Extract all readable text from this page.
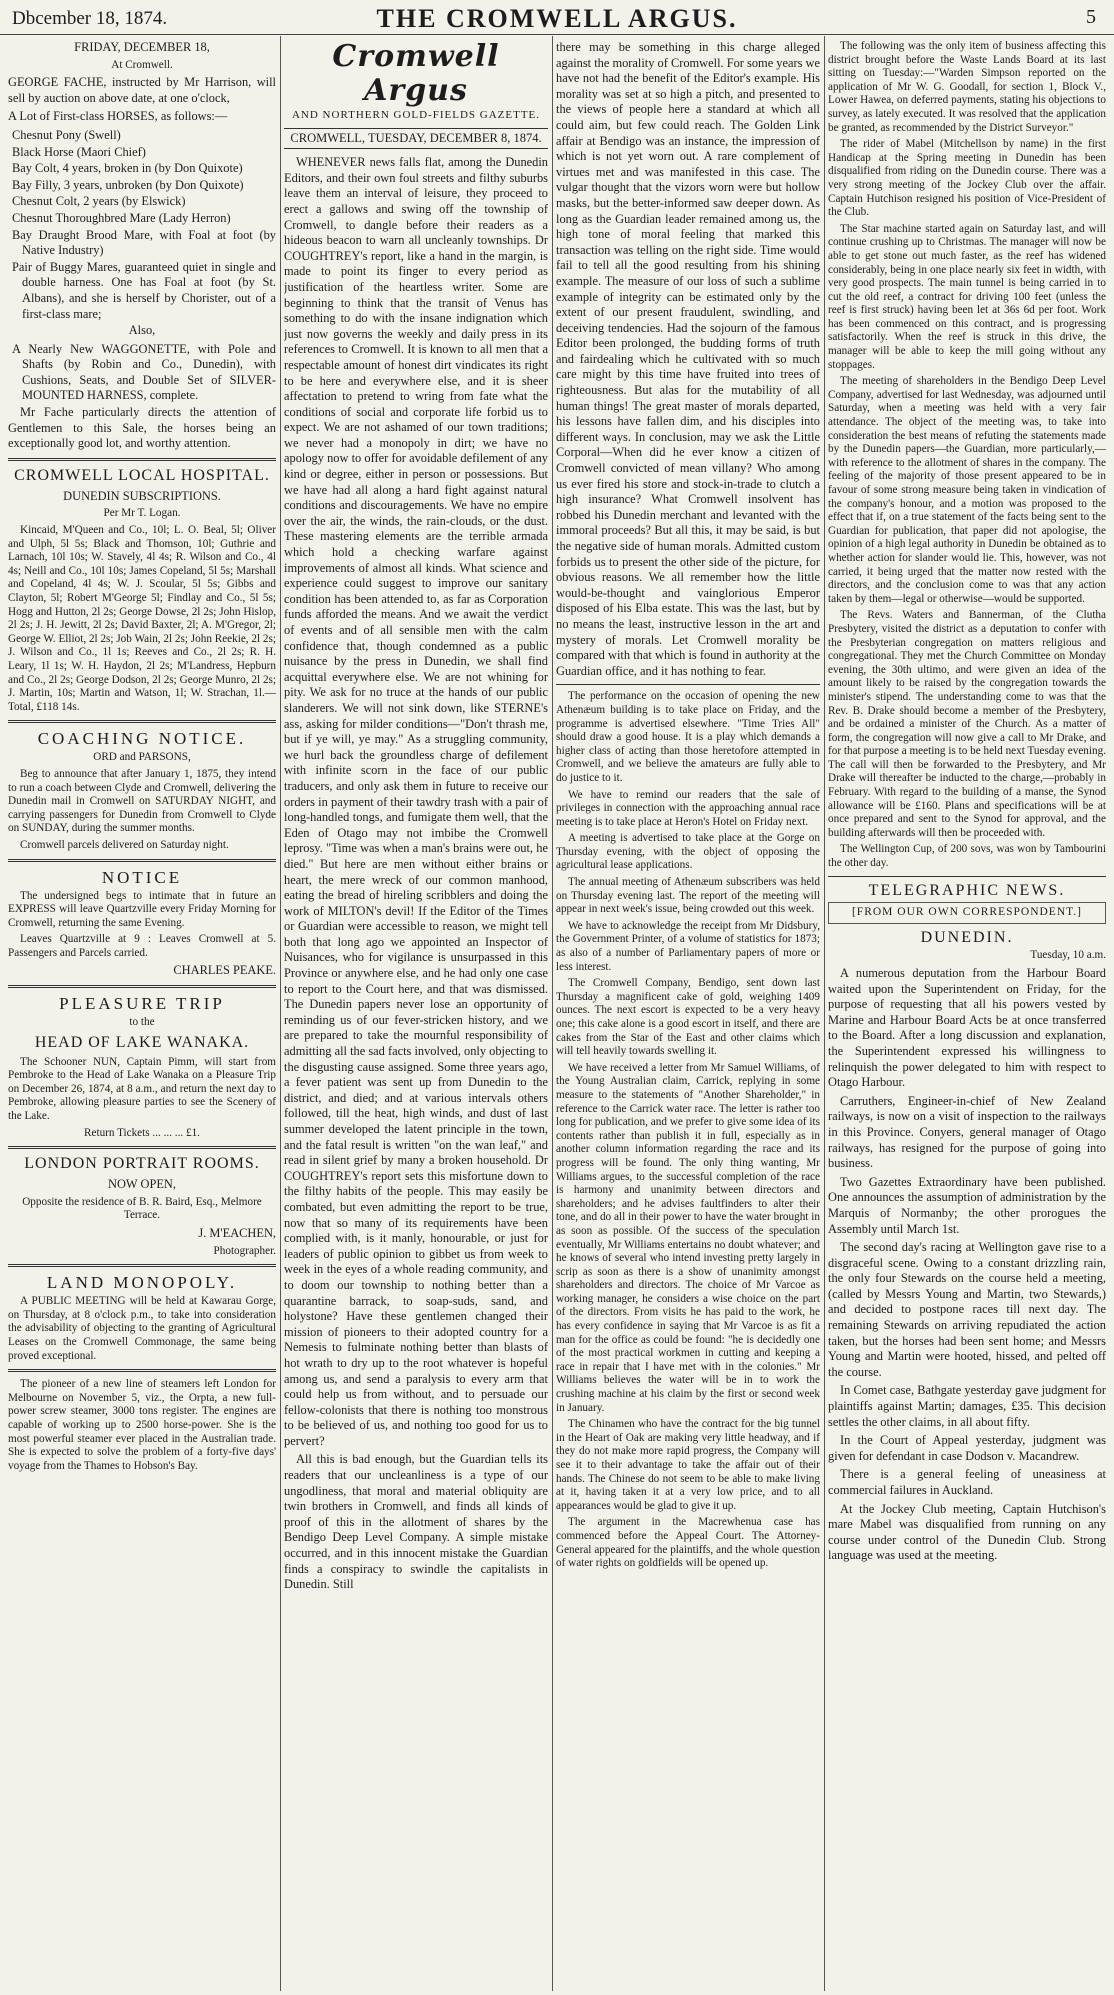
Dbcember 18, 1874.	THE CROMWELL ARGUS.	5

FRIDAY, DECEMBER 18,

At Cromwell.

GEORGE FACHE, instructed by Mr Harrison, will sell by auction on above date, at one o'clock,

A Lot of First-class HORSES, as follows:—

Chesnut Pony (Swell)

Black Horse (Maori Chief)

Bay Colt, 4 years, broken in (by Don Quixote)

Bay Filly, 3 years, unbroken (by Don Quixote)

Chesnut Colt, 2 years (by Elswick)

Chesnut Thoroughbred Mare (Lady Herron)

Bay Draught Brood Mare, with Foal at foot (by Native Industry)

Pair of Buggy Mares, guaranteed quiet in single and double harness. One has Foal at foot (by St. Albans), and she is herself by Chorister, out of a first-class mare;

Also,

A Nearly New WAGGONETTE, with Pole and Shafts (by Robin and Co., Dunedin), with Cushions, Seats, and Double Set of SILVER-MOUNTED HARNESS, complete.

Mr Fache particularly directs the attention of Gentlemen to this Sale, the horses being an exceptionally good lot, and worthy attention.

CROMWELL LOCAL HOSPITAL.

DUNEDIN SUBSCRIPTIONS.

Per Mr T. Logan.

Kincaid, M'Queen and Co., 10l; L. O. Beal, 5l; Oliver and Ulph, 5l 5s; Black and Thomson, 10l; Guthrie and Larnach, 10l 10s; W. Stavely, 4l 4s; R. Wilson and Co., 4l 4s; Neill and Co., 10l 10s; James Copeland, 5l 5s; Marshall and Copeland, 4l 4s; W. J. Scoular, 5l 5s; Gibbs and Clayton, 5l; Robert M'George 5l; Findlay and Co., 5l 5s; Hogg and Hutton, 2l 2s; George Dowse, 2l 2s; John Hislop, 2l 2s; J. H. Jewitt, 2l 2s; David Baxter, 2l; A. M'Gregor, 2l; George W. Elliot, 2l 2s; Job Wain, 2l 2s; John Reekie, 2l 2s; J. Wilson and Co., 1l 1s; Reeves and Co., 2l 2s; R. H. Leary, 1l 1s; W. H. Haydon, 2l 2s; M'Landress, Hepburn and Co., 2l 2s; George Dodson, 2l 2s; George Munro, 2l 2s; J. Martin, 10s; Martin and Watson, 1l; W. Strachan, 1l.—Total, £118 14s.

COACHING NOTICE.

ORD and PARSONS,

Beg to announce that after January 1, 1875, they intend to run a coach between Clyde and Cromwell, delivering the Dunedin mail in Cromwell on SATURDAY NIGHT, and carrying passengers for Dunedin from Cromwell to Clyde on SUNDAY, during the summer months.

Cromwell parcels delivered on Saturday night.

NOTICE

The undersigned begs to intimate that in future an EXPRESS will leave Quartzville every Friday Morning for Cromwell, returning the same Evening.

Leaves Quartzville at 9 : Leaves Cromwell at 5. Passengers and Parcels carried.

CHARLES PEAKE.

PLEASURE TRIP

to the

HEAD OF LAKE WANAKA.

The Schooner NUN, Captain Pimm, will start from Pembroke to the Head of Lake Wanaka on a Pleasure Trip on December 26, 1874, at 8 a.m., and return the next day to Pembroke, allowing pleasure parties to see the Scenery of the Lake.

Return Tickets ... ... ... £1.

LONDON PORTRAIT ROOMS.

NOW OPEN,

Opposite the residence of B. R. Baird, Esq., Melmore Terrace.

J. M'EACHEN,

Photographer.

LAND MONOPOLY.

A PUBLIC MEETING will be held at Kawarau Gorge, on Thursday, at 8 o'clock p.m., to take into consideration the advisability of objecting to the granting of Agricultural Leases on the Cromwell Commonage, the same being proved exceptional.

The pioneer of a new line of steamers left London for Melbourne on November 5, viz., the Orpta, a new full-power screw steamer, 3000 tons register. The engines are capable of working up to 2500 horse-power. She is the most powerful steamer ever placed in the Australian trade. She is expected to solve the problem of a forty-five days' voyage from the Thames to Hobson's Bay.

Cromwell Argus
AND NORTHERN GOLD-FIELDS GAZETTE.
CROMWELL, TUESDAY, DECEMBER 8, 1874.

WHENEVER news falls flat, among the Dunedin Editors, and their own foul streets and filthy suburbs leave them an interval of leisure, they proceed to erect a gallows and swing off the township of Cromwell, to dangle before their readers as a hideous beacon to warn all uncleanly townships. Dr COUGHTREY's report, like a hand in the margin, is made to point its finger to every period as justification of the heartless writer. Some are beginning to think that the transit of Venus has something to do with the insane indignation which just now governs the weekly and daily press in its references to Cromwell. It is known to all men that a respectable amount of honest dirt vindicates its right to be here and everywhere else, and it is sheer affectation to pretend to wring from fate what the conditions of social and corporate life forbid us to expect. We are not ashamed of our town traditions; we never had a monopoly in dirt; we have no apology now to offer for avoidable defilement of any kind or degree, either in person or possessions. But we have had all along a hard fight against natural conditions and discouragements. We have no empire over the air, the winds, the rain-clouds, or the dust. These mastering elements are the terrible armada which hold a checking warfare against improvements of almost all kinds. What science and experience could suggest to improve our sanitary condition has been attended to, as far as Corporation funds afforded the means. And we await the verdict of events and of all sensible men with the calm confidence that, though condemned as a public nuisance by the press in Dunedin, we shall find acquittal everywhere else. We are not whining for pity. We ask for no truce at the hands of our public slanderers. We will not sink down, like STERNE's ass, asking for milder conditions—"Don't thrash me, but if ye will, ye may." As a struggling community, we hurl back the groundless charge of defilement with infinite scorn in the face of our public traducers, and only ask them in future to receive our orders in payment of their tawdry trash with a pair of long-handled tongs, and fumigate them well, that the Eden of Otago may not imbibe the Cromwell leprosy. "Time was when a man's brains were out, he died." But here are men without either brains or heart, the mere wreck of our common manhood, eating the bread of hireling scribblers and doing the work of MILTON's devil! If the Editor of the Times or Guardian were accessible to reason, we might tell both that long ago we appointed an Inspector of Nuisances, who for vigilance is unsurpassed in this Province or anywhere else, and he had only one case to report to the Court here, and that was dismissed. The Dunedin papers never lose an opportunity of reminding us of our fever-stricken history, and we are prepared to take the mournful responsibility of admitting all the sad facts involved, only objecting to the disgusting cause assigned. Some three years ago, a fever patient was sent up from Dunedin to the district, and died; and at various intervals others followed, till the heat, high winds, and dust of last summer developed the latent principle in the town, and the fatal result is written "on the wan leaf," and read in silent grief by many a broken household. Dr COUGHTREY's report sets this misfortune down to the filthy habits of the people. This may easily be combated, but even admitting the report to be true, now that so many of its requirements have been complied with, is it manly, honourable, or just for leaders of public opinion to gibbet us from week to week in the eyes of a whole reading community, and to doom our township to nothing better than a quarantine barrack, to soap-suds, sand, and holystone? Have these gentlemen changed their mission of pioneers to their adopted country for a Nemesis to fulminate nothing better than blasts of hot wrath to dry up to the root whatever is hopeful among us, and send a paralysis to every arm that could help us from without, and to persuade our fellow-colonists that there is nothing too monstrous to be believed of us, and nothing too good for us to pervert?

All this is bad enough, but the Guardian tells its readers that our uncleanliness is a type of our ungodliness, that moral and material obliquity are twin brothers in Cromwell, and finds all kinds of proof of this in the allotment of shares by the Bendigo Deep Level Company. A simple mistake occurred, and in this innocent mistake the Guardian finds a conspiracy to swindle the capitalists in Dunedin. Still

there may be something in this charge alleged against the morality of Cromwell. For some years we have not had the benefit of the Editor's example. His morality was set at so high a pitch, and presented to the views of people here a standard at which all could aim, but few could reach. The Golden Link affair at Bendigo was an instance, the impression of which is not yet worn out. A rare complement of virtues met and was manifested in this case. The vulgar thought that the vizors worn were but hollow masks, but the better-informed saw deeper down. As long as the Guardian leader remained among us, the high tone of moral feeling that marked this transaction was telling on the right side. Time would fail to tell all the good resulting from his shining example. The measure of our loss of such a sublime example of integrity can be estimated only by the extent of our present fraudulent, swindling, and deceiving tendencies. Had the sojourn of the famous Editor been prolonged, the budding forms of truth and fairdealing which he cultivated with so much care might by this time have fruited into trees of righteousness. But alas for the mutability of all human things! The great master of morals departed, his lessons have fallen dim, and his disciples into different ways. In conclusion, may we ask the Little Corporal—When did he ever know a citizen of Cromwell convicted of mean villany? Who among us ever fired his store and stock-in-trade to clutch a high insurance? What Cromwell insolvent has robbed his Dunedin merchant and levanted with the immoral proceeds? But all this, it may be said, is but the negative side of human morals. Admitted custom forbids us to present the other side of the picture, for obvious reasons. We all remember how the little would-be-thought and vainglorious Emperor disposed of his Elba estate. This was the last, but by no means the least, instructive lesson in the art and mystery of morals. Let Cromwell morality be compared with that which is found in authority at the Guardian office, and it has nothing to fear.

The performance on the occasion of opening the new Athenæum building is to take place on Friday, and the programme is advertised elsewhere. "Time Tries All" should draw a good house. It is a play which demands a higher class of acting than those heretofore attempted in Cromwell, and we believe the amateurs are fully able to do justice to it.

We have to remind our readers that the sale of privileges in connection with the approaching annual race meeting is to take place at Heron's Hotel on Friday next.

A meeting is advertised to take place at the Gorge on Thursday evening, with the object of opposing the agricultural lease applications.

The annual meeting of Athenæum subscribers was held on Thursday evening last. The report of the meeting will appear in next week's issue, being crowded out this week.

We have to acknowledge the receipt from Mr Didsbury, the Government Printer, of a volume of statistics for 1873; as also of a number of Parliamentary papers of more or less interest.

The Cromwell Company, Bendigo, sent down last Thursday a magnificent cake of gold, weighing 1409 ounces. The next escort is expected to be a very heavy one; this cake alone is a good escort in itself, and there are cakes from the Star of the East and other claims which will tell heavily towards swelling it.

We have received a letter from Mr Samuel Williams, of the Young Australian claim, Carrick, replying in some measure to the statements of "Another Shareholder," in reference to the Carrick water race. The letter is rather too long for publication, and we prefer to give some idea of its contents rather than publish it in full, especially as in another column information regarding the race and its progress will be found. The only thing wanting, Mr Williams argues, to the successful completion of the race is harmony and unanimity between directors and shareholders; and he advises faultfinders to alter their tone, and do all in their power to have the water brought in as soon as possible. Of the success of the speculation eventually, Mr Williams entertains no doubt whatever; and he knows of several who intend investing pretty largely in scrip as soon as there is a show of unanimity amongst shareholders and directors. The choice of Mr Varcoe as working manager, he considers a wise choice on the part of the directors. From visits he has paid to the work, he has every confidence in saying that Mr Varcoe is as fit a man for the office as could be found: "he is decidedly one of the most practical workmen in cutting and keeping a race in repair that I have met with in the colonies." Mr Williams believes the water will be in to work the crushing machine at his claim by the first or second week in January.

The Chinamen who have the contract for the big tunnel in the Heart of Oak are making very little headway, and if they do not make more rapid progress, the Company will see it to their advantage to take the affair out of their hands. The Chinese do not seem to be able to make living at it, having taken it at a very low price, and to all appearances would be glad to give it up.

The argument in the Macrewhenua case has commenced before the Appeal Court. The Attorney-General appeared for the plaintiffs, and the whole question of water rights on goldfields will be opened up.

The following was the only item of business affecting this district brought before the Waste Lands Board at its last sitting on Tuesday:—"Warden Simpson reported on the application of Mr W. G. Goodall, for section 1, Block V., Lower Hawea, on deferred payments, stating his objections to survey, as lately executed. It was resolved that the application be granted, as recommended by the District Surveyor."

The rider of Mabel (Mitchellson by name) in the first Handicap at the Spring meeting in Dunedin has been disqualified from riding on the Dunedin course. There was a very strong meeting of the Jockey Club over the affair. Captain Hutchison resigned his position of Vice-President of the Club.

The Star machine started again on Saturday last, and will continue crushing up to Christmas. The manager will now be able to get stone out much faster, as the reef has widened considerably, being in one place nearly six feet in width, with very good prospects. The main tunnel is being carried in to cut the old reef, a contract for driving 100 feet (unless the reef is first struck) having been let at 36s 6d per foot. Work has been commenced on this contract, and is progressing satisfactorily. When the reef is struck in this drive, the manager will be able to keep the mill going without any stoppages.

The meeting of shareholders in the Bendigo Deep Level Company, advertised for last Wednesday, was adjourned until Saturday, when a meeting was held with a very fair attendance. The object of the meeting was, to take into consideration the best means of refuting the statements made by the Dunedin papers—the Guardian, more particularly,—with reference to the allotment of shares in the company. The feeling of the majority of those present appeared to be in favour of some strong measure being taken in vindication of the company's honour, and a motion was proposed to the effect that if, on a true statement of the facts being sent to the Guardian for publication, that paper did not apologise, the opinion of a high legal authority in Dunedin be obtained as to whether action for slander would lie. This, however, was not carried, it being urged that the matter now rested with the directors, and the conclusion come to was that any action taken by them—legal or otherwise—would be supported.

The Revs. Waters and Bannerman, of the Clutha Presbytery, visited the district as a deputation to confer with the Presbyterian congregation on matters religious and congregational. They met the Church Committee on Monday evening, the 30th ultimo, and were given an idea of the amount likely to be raised by the congregation towards the minister's stipend. The understanding come to was that the Rev. B. Drake should become a member of the Presbytery, and be ordained a minister of the Church. As a matter of form, the congregation will now give a call to Mr Drake, and for that purpose a meeting is to be held next Tuesday evening. The call will then be forwarded to the Presbytery, and Mr Drake will thereafter be inducted to the charge,—probably in February. With regard to the building of a manse, the Synod allowance will be £160. Plans and specifications will be at once prepared and sent to the Synod for approval, and the building afterwards will then be proceeded with.

The Wellington Cup, of 200 sovs, was won by Tambourini the other day.

TELEGRAPHIC NEWS.
[FROM OUR OWN CORRESPONDENT.]
DUNEDIN.

Tuesday, 10 a.m.

A numerous deputation from the Harbour Board waited upon the Superintendent on Friday, for the purpose of requesting that all his powers vested by Marine and Harbour Board Acts be at once transferred to the Board. After a long discussion and explanation, the Superintendent expressed his willingness to relinquish the power delegated to him with respect to Otago Harbour.

Carruthers, Engineer-in-chief of New Zealand railways, is now on a visit of inspection to the railways in this Province. Conyers, general manager of Otago railways, has resigned for the purpose of going into business.

Two Gazettes Extraordinary have been published. One announces the assumption of administration by the Marquis of Normanby; the other prorogues the Assembly until March 1st.

The second day's racing at Wellington gave rise to a disgraceful scene. Owing to a constant drizzling rain, the only four Stewards on the course held a meeting, (called by Messrs Young and Martin, two Stewards,) and decided to postpone races till next day. The remaining Stewards on arriving repudiated the action taken, but the horses had been sent home; and Messrs Young and Martin were hooted, hissed, and pelted off the course.

In Comet case, Bathgate yesterday gave judgment for plaintiffs against Martin; damages, £35. This decision settles the other claims, in all about fifty.

In the Court of Appeal yesterday, judgment was given for defendant in case Dodson v. Macandrew.

There is a general feeling of uneasiness at commercial failures in Auckland.

At the Jockey Club meeting, Captain Hutchison's mare Mabel was disqualified from running on any course under control of the Dunedin Club. Strong language was used at the meeting.
